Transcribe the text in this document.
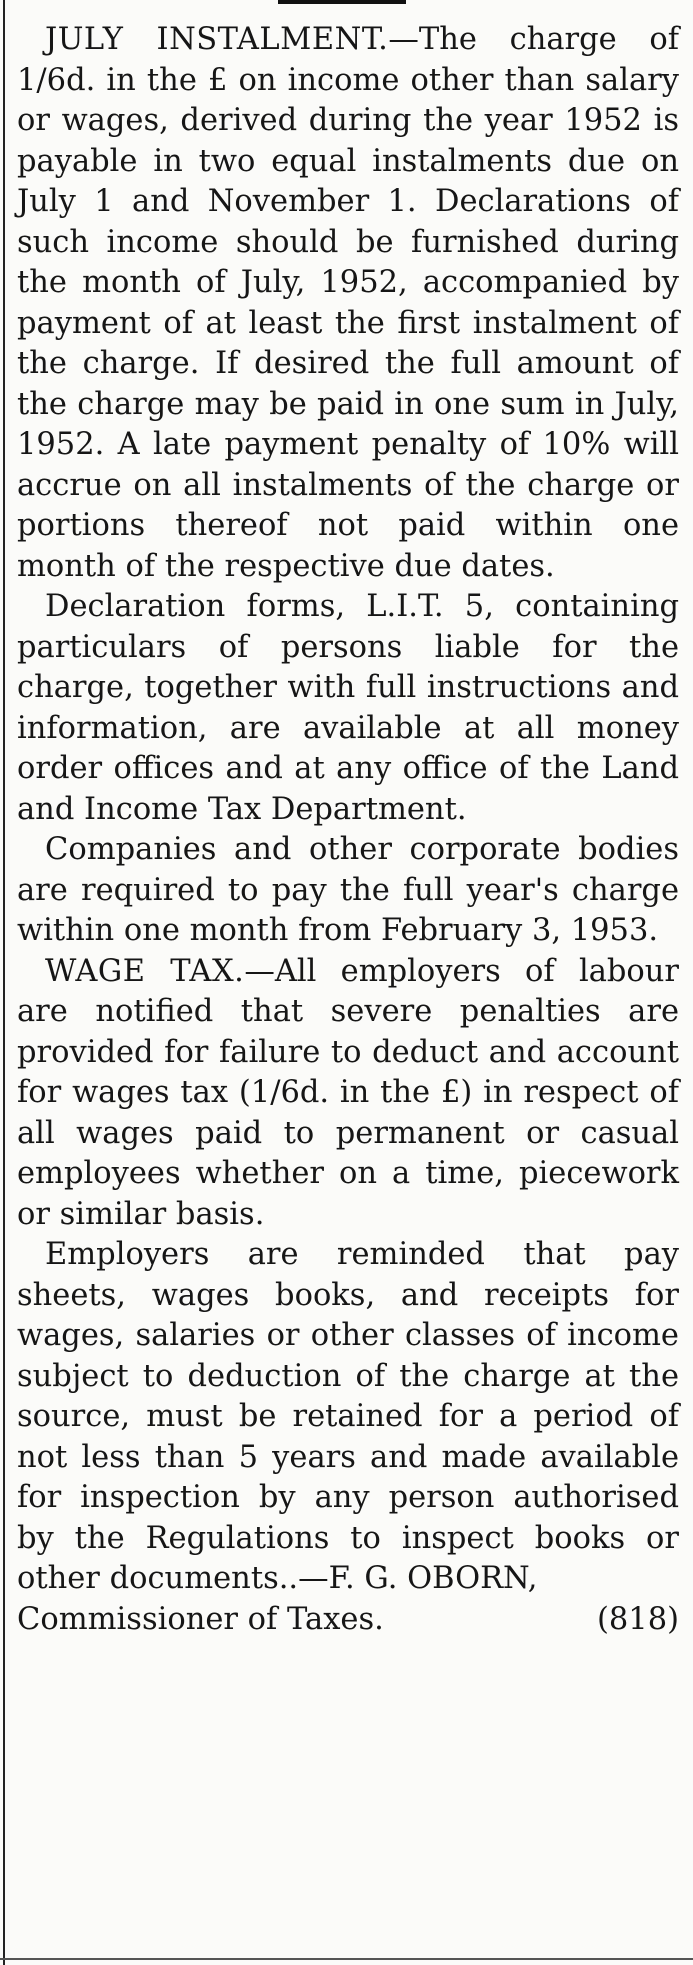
JULY INSTALMENT.—The charge of 1/6d. in the £ on income other than salary or wages, derived during the year 1952 is payable in two equal instalments due on July 1 and November 1. Declarations of such income should be furnished during the month of July, 1952, accompanied by payment of at least the first instalment of the charge. If desired the full amount of the charge may be paid in one sum in July, 1952. A late payment penalty of 10% will accrue on all instalments of the charge or portions thereof not paid within one month of the respective due dates.

Declaration forms, L.I.T. 5, containing particulars of persons liable for the charge, together with full instructions and information, are available at all money order offices and at any office of the Land and Income Tax Department.

Companies and other corporate bodies are required to pay the full year's charge within one month from February 3, 1953.

WAGE TAX.—All employers of labour are notified that severe penalties are provided for failure to deduct and account for wages tax (1/6d. in the £) in respect of all wages paid to permanent or casual employees whether on a time, piecework or similar basis.

Employers are reminded that pay sheets, wages books, and receipts for wages, salaries or other classes of income subject to deduction of the charge at the source, must be retained for a period of not less than 5 years and made available for inspection by any person authorised by the Regulations to inspect books or other documents..—F. G. OBORN,

Commissioner of Taxes.	(818)
